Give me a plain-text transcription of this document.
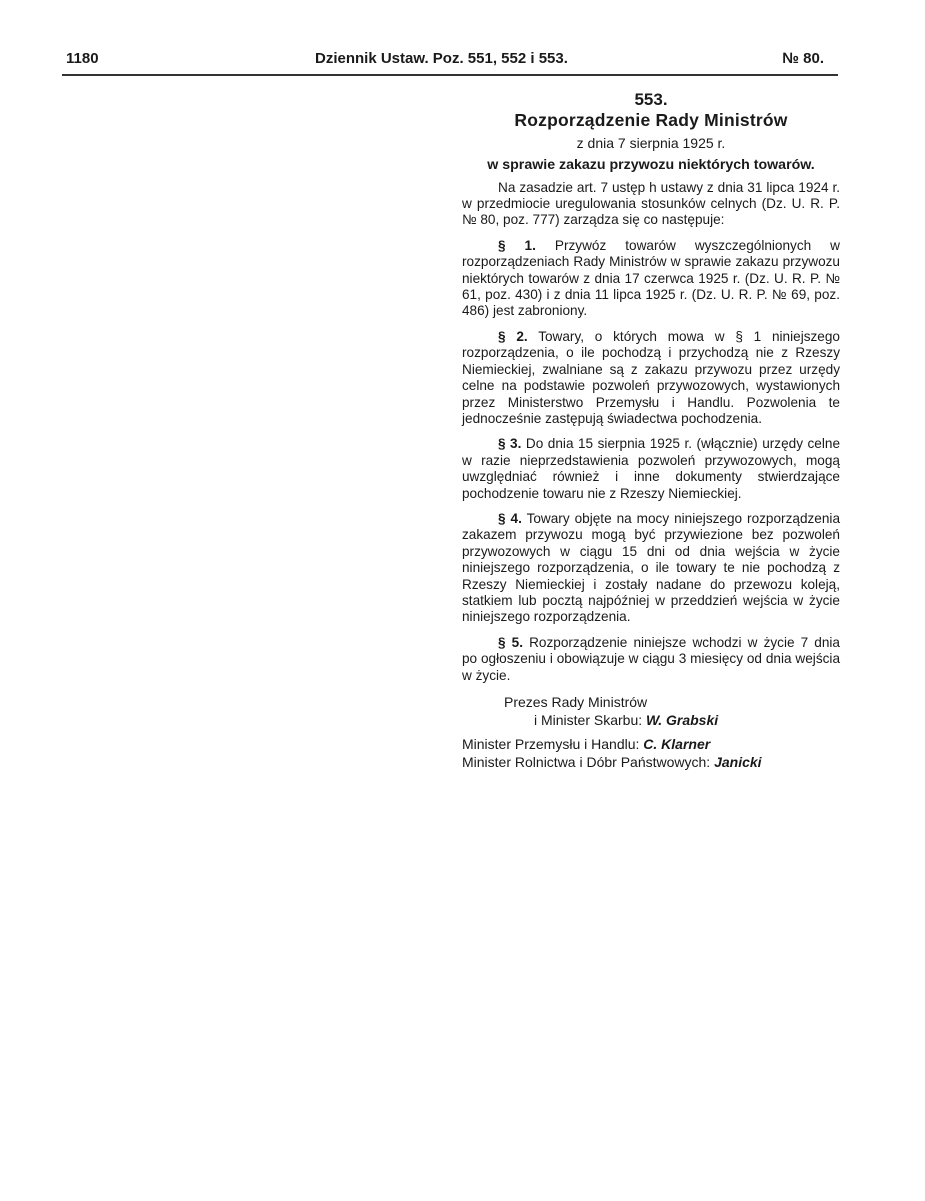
1180	Dziennik Ustaw. Poz. 551, 552 i 553.	№ 80.
553.
Rozporządzenie Rady Ministrów
z dnia 7 sierpnia 1925 r.
w sprawie zakazu przywozu niektórych towarów.

Na zasadzie art. 7 ustęp h ustawy z dnia 31 lipca 1924 r. w przedmiocie uregulowania stosunków celnych (Dz. U. R. P. № 80, poz. 777) zarządza się co następuje:

§ 1. Przywóz towarów wyszczególnionych w rozporządzeniach Rady Ministrów w sprawie zakazu przywozu niektórych towarów z dnia 17 czerwca 1925 r. (Dz. U. R. P. № 61, poz. 430) i z dnia 11 lipca 1925 r. (Dz. U. R. P. № 69, poz. 486) jest zabroniony.

§ 2. Towary, o których mowa w § 1 niniejszego rozporządzenia, o ile pochodzą i przychodzą nie z Rzeszy Niemieckiej, zwalniane są z zakazu przywozu przez urzędy celne na podstawie pozwoleń przywozowych, wystawionych przez Ministerstwo Przemysłu i Handlu. Pozwolenia te jednocześnie zastępują świadectwa pochodzenia.

§ 3. Do dnia 15 sierpnia 1925 r. (włącznie) urzędy celne w razie nieprzedstawienia pozwoleń przywozowych, mogą uwzględniać również i inne dokumenty stwierdzające pochodzenie towaru nie z Rzeszy Niemieckiej.

§ 4. Towary objęte na mocy niniejszego rozporządzenia zakazem przywozu mogą być przywiezione bez pozwoleń przywozowych w ciągu 15 dni od dnia wejścia w życie niniejszego rozporządzenia, o ile towary te nie pochodzą z Rzeszy Niemieckiej i zostały nadane do przewozu koleją, statkiem lub pocztą najpóźniej w przeddzień wejścia w życie niniejszego rozporządzenia.

§ 5. Rozporządzenie niniejsze wchodzi w życie 7 dnia po ogłoszeniu i obowiązuje w ciągu 3 miesięcy od dnia wejścia w życie.

Prezes Rady Ministrów
i Minister Skarbu: W. Grabski
Minister Przemysłu i Handlu: C. Klarner
Minister Rolnictwa i Dóbr Państwowych: Janicki
